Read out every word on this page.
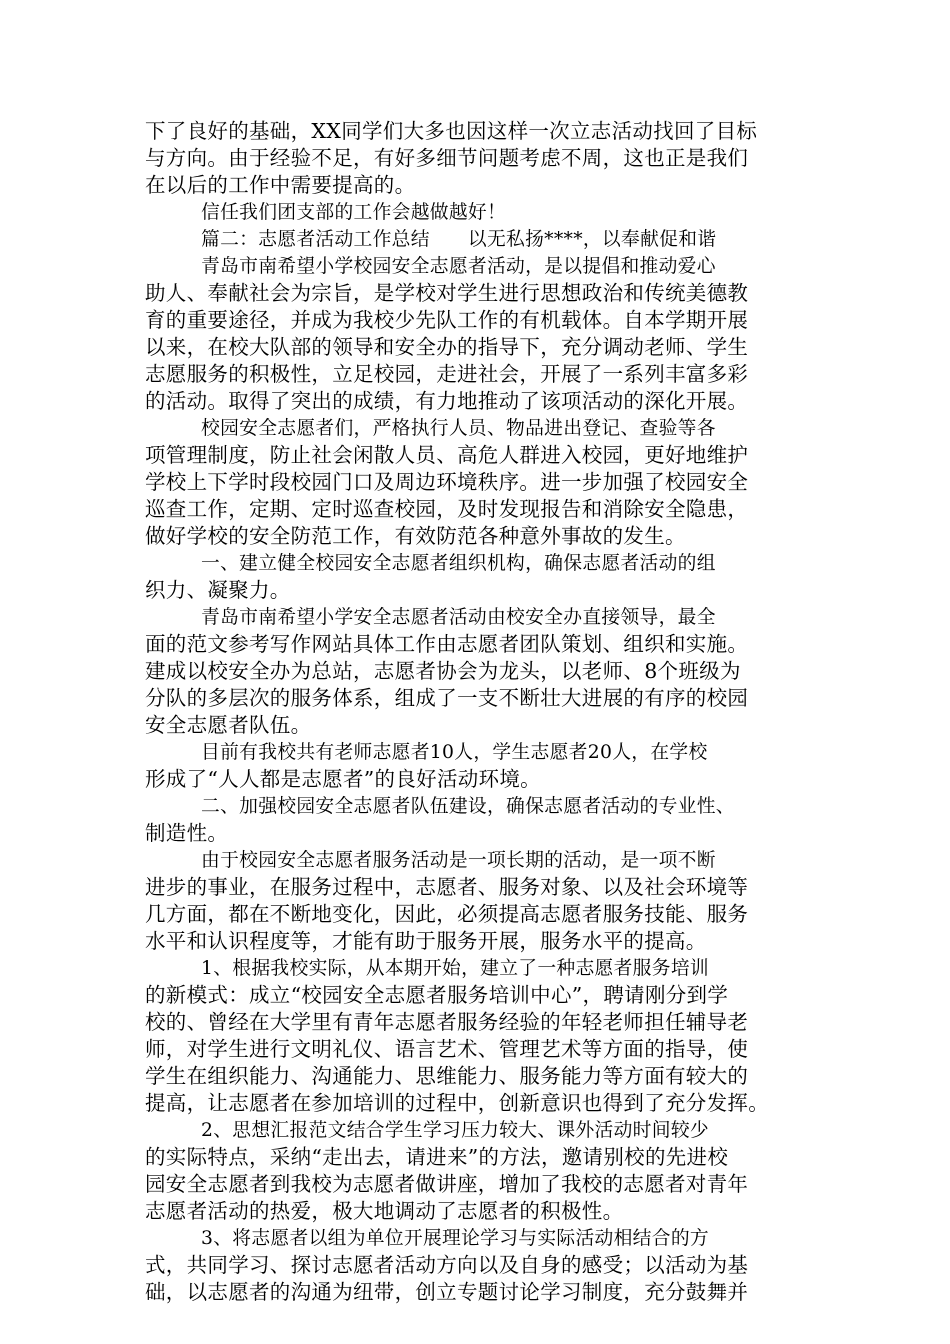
下了良好的基础，XX同学们大多也因这样一次立志活动找回了目标
与方向。由于经验不足，有好多细节问题考虑不周，这也正是我们
在以后的工作中需要提高的。
信任我们团支部的工作会越做越好！
篇二：志愿者活动工作总结　　以无私扬****，以奉献促和谐
青岛市南希望小学校园安全志愿者活动，是以提倡和推动爱心
助人、奉献社会为宗旨，是学校对学生进行思想政治和传统美德教
育的重要途径，并成为我校少先队工作的有机载体。自本学期开展
以来，在校大队部的领导和安全办的指导下，充分调动老师、学生
志愿服务的积极性，立足校园，走进社会，开展了一系列丰富多彩
的活动。取得了突出的成绩，有力地推动了该项活动的深化开展。
校园安全志愿者们，严格执行人员、物品进出登记、查验等各
项管理制度，防止社会闲散人员、高危人群进入校园，更好地维护
学校上下学时段校园门口及周边环境秩序。进一步加强了校园安全
巡查工作，定期、定时巡查校园，及时发现报告和消除安全隐患，
做好学校的安全防范工作，有效防范各种意外事故的发生。
一、建立健全校园安全志愿者组织机构，确保志愿者活动的组
织力、凝聚力。
青岛市南希望小学安全志愿者活动由校安全办直接领导，最全
面的范文参考写作网站具体工作由志愿者团队策划、组织和实施。
建成以校安全办为总站，志愿者协会为龙头，以老师、8个班级为
分队的多层次的服务体系，组成了一支不断壮大进展的有序的校园
安全志愿者队伍。
目前有我校共有老师志愿者10人，学生志愿者20人，在学校
形成了“人人都是志愿者”的良好活动环境。
二、加强校园安全志愿者队伍建设，确保志愿者活动的专业性、
制造性。
由于校园安全志愿者服务活动是一项长期的活动，是一项不断
进步的事业，在服务过程中，志愿者、服务对象、以及社会环境等
几方面，都在不断地变化，因此，必须提高志愿者服务技能、服务
水平和认识程度等，才能有助于服务开展，服务水平的提高。
1、根据我校实际，从本期开始，建立了一种志愿者服务培训
的新模式：成立“校园安全志愿者服务培训中心”，聘请刚分到学
校的、曾经在大学里有青年志愿者服务经验的年轻老师担任辅导老
师，对学生进行文明礼仪、语言艺术、管理艺术等方面的指导，使
学生在组织能力、沟通能力、思维能力、服务能力等方面有较大的
提高，让志愿者在参加培训的过程中，创新意识也得到了充分发挥。
2、思想汇报范文结合学生学习压力较大、课外活动时间较少
的实际特点，采纳“走出去，请进来”的方法，邀请别校的先进校
园安全志愿者到我校为志愿者做讲座，增加了我校的志愿者对青年
志愿者活动的热爱，极大地调动了志愿者的积极性。
3、将志愿者以组为单位开展理论学习与实际活动相结合的方
式，共同学习、探讨志愿者活动方向以及自身的感受；以活动为基
础，以志愿者的沟通为纽带，创立专题讨论学习制度，充分鼓舞并
